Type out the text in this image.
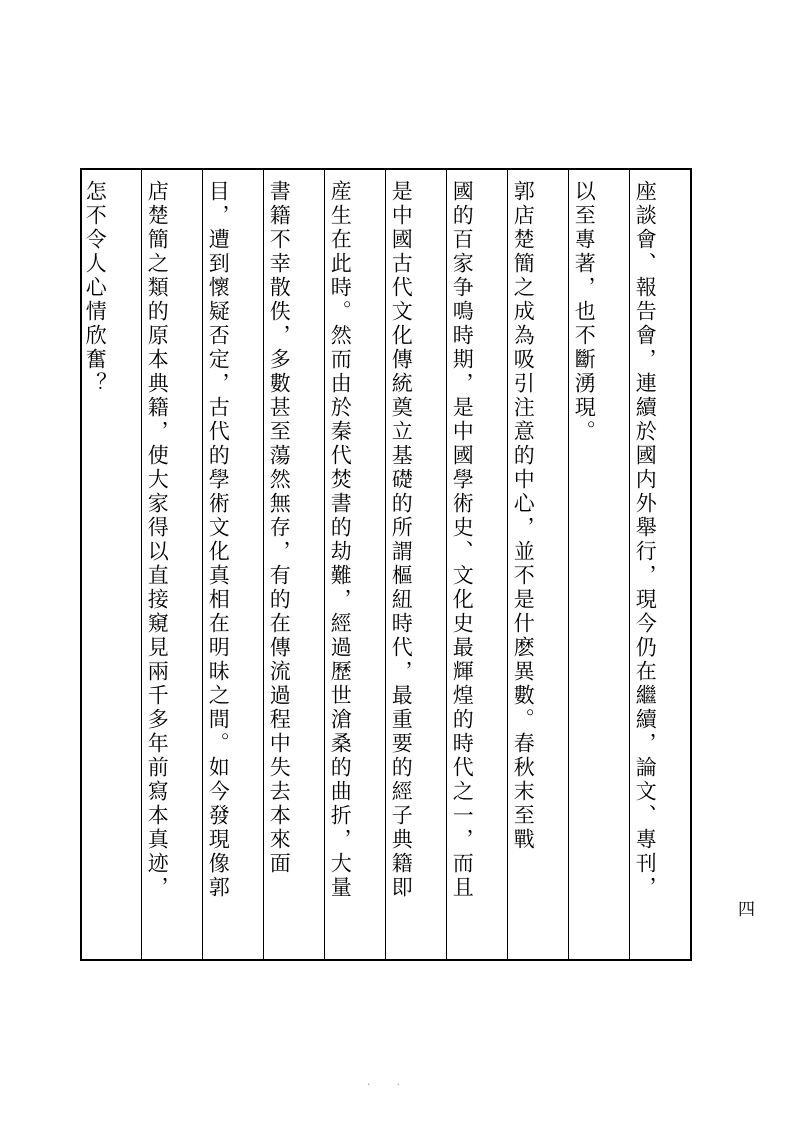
座談會、報告會，連續於國内外舉行，現今仍在繼續，論文、專刊，
以至專著，也不斷湧現。
郭店楚簡之成為吸引注意的中心，並不是什麽異數。春秋末至戰
國的百家争鳴時期，是中國學術史、文化史最輝煌的時代之一，而且
是中國古代文化傳統奠立基礎的所謂樞紐時代，最重要的經子典籍即
産生在此時。然而由於秦代焚書的劫難，經過歷世滄桑的曲折，大量
書籍不幸散佚，多數甚至蕩然無存，有的在傳流過程中失去本來面
目，遭到懷疑否定，古代的學術文化真相在明昧之間。如今發現像郭
店楚簡之類的原本典籍，使大家得以直接窺見兩千多年前寫本真迹，
怎不令人心情欣奮？
四
··
